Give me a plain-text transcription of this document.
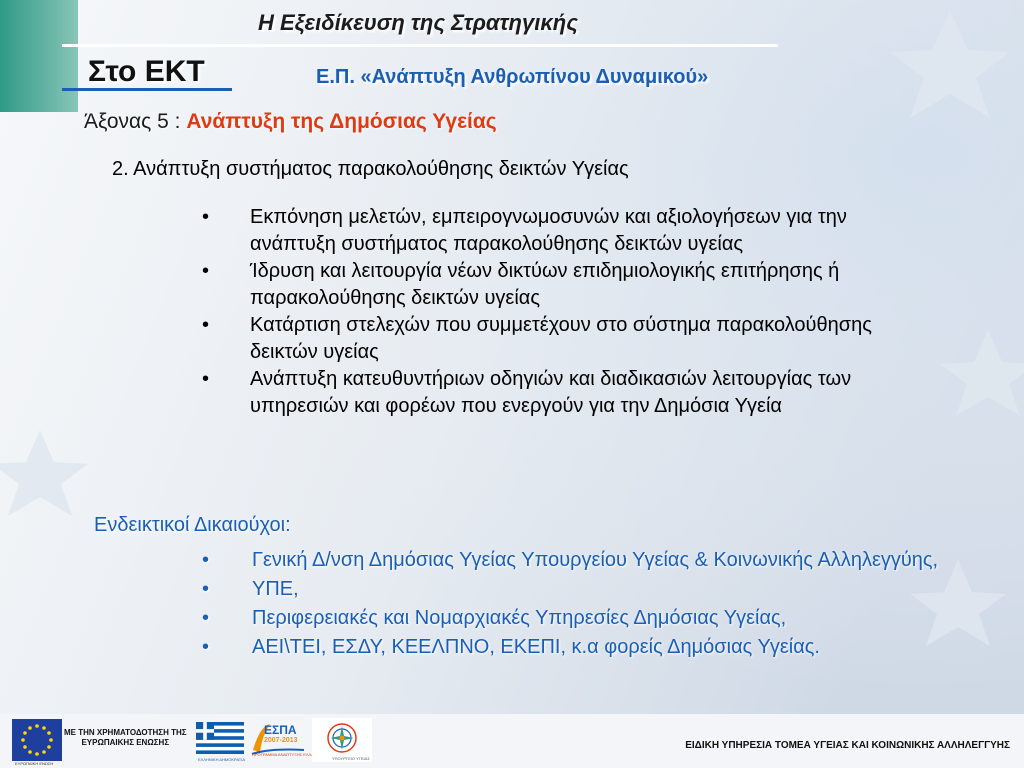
Η Εξειδίκευση της Στρατηγικής
Στο ΕΚΤ	Ε.Π. «Ανάπτυξη Ανθρωπίνου Δυναμικού»
Άξονας 5 : Ανάπτυξη της Δημόσιας Υγείας
2. Ανάπτυξη συστήματος παρακολούθησης δεικτών Υγείας
• Εκπόνηση μελετών, εμπειρογνωμοσυνών και αξιολογήσεων για την ανάπτυξη συστήματος παρακολούθησης δεικτών υγείας
• Ίδρυση και λειτουργία νέων δικτύων επιδημιολογικής επιτήρησης ή παρακολούθησης δεικτών υγείας
• Κατάρτιση στελεχών που συμμετέχουν στο σύστημα παρακολούθησης δεικτών υγείας
• Ανάπτυξη κατευθυντήριων οδηγιών και διαδικασιών λειτουργίας των υπηρεσιών και φορέων που ενεργούν για την Δημόσια Υγεία
Ενδεικτικοί Δικαιούχοι:
• Γενική Δ/νση Δημόσιας Υγείας Υπουργείου Υγείας & Κοινωνικής Αλληλεγγύης,
• ΥΠΕ,
• Περιφερειακές και Νομαρχιακές Υπηρεσίες Δημόσιας Υγείας,
• ΑΕΙ\ΤΕΙ, ΕΣΔΥ, ΚΕΕΛΠΝΟ, ΕΚΕΠΙ, κ.α φορείς Δημόσιας Υγείας.
ΕΥΡΩΠΑΪΚΗ ΕΝΩΣΗ
ΜΕ ΤΗΝ ΧΡΗΜΑΤΟΔΟΤΗΣΗ ΤΗΣ
ΕΥΡΩΠΑΙΚΗΣ ΕΝΩΣΗΣ
ΕΛΛΗΝΙΚΗ ΔΗΜΟΚΡΑΤΙΑ
ΕΣΠΑ
2007-2013
ΠΡΟΓΡΑΜΜΑ ΑΝΑΠΤΥΞΗΣ ΕΛΛΑΔΑΣ
ΥΠΟΥΡΓΕΙΟ ΥΓΕΙΑΣ
ΕΙΔΙΚΗ ΥΠΗΡΕΣΙΑ ΤΟΜΕΑ ΥΓΕΙΑΣ ΚΑΙ ΚΟΙΝΩΝΙΚΗΣ ΑΛΛΗΛΕΓΓΥΗΣ
